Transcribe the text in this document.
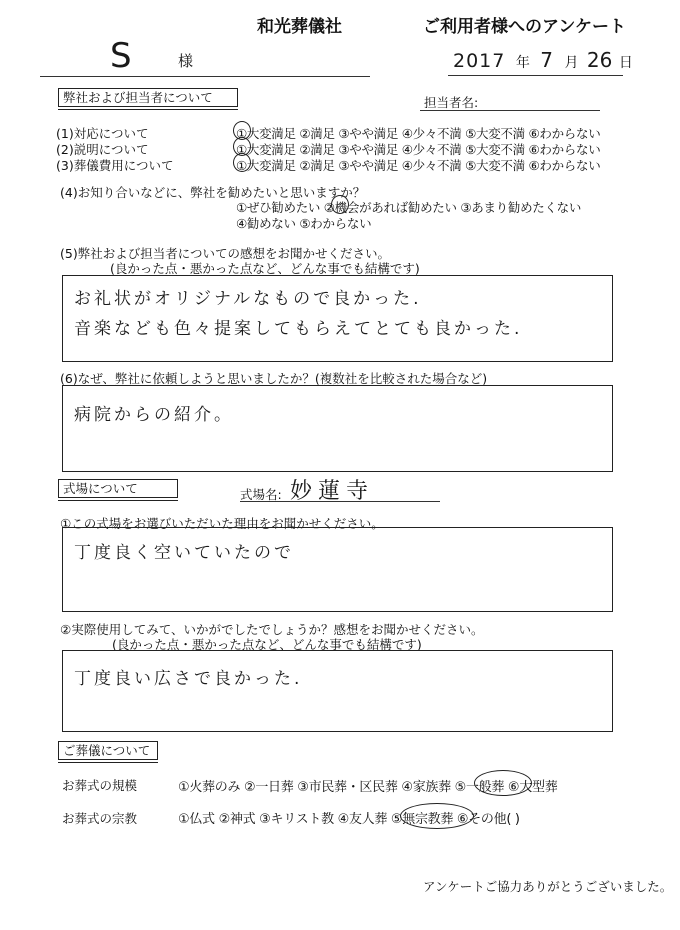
和光葬儀社	ご利用者様へのアンケート
S	様	2017 年 7 月 26 日
弊社および担当者について	担当者名:
(1)対応について	①大変満足 ②満足 ③やや満足 ④少々不満 ⑤大変不満 ⑥わからない
(2)説明について	①大変満足 ②満足 ③やや満足 ④少々不満 ⑤大変不満 ⑥わからない
(3)葬儀費用について	①大変満足 ②満足 ③やや満足 ④少々不満 ⑤大変不満 ⑥わからない
(4)お知り合いなどに、弊社を勧めたいと思いますか？
①ぜひ勧めたい ②機会があれば勧めたい ③あまり勧めたくない
④勧めない ⑤わからない
(5)弊社および担当者についての感想をお聞かせください。
(良かった点・悪かった点など、どんな事でも結構です)
お礼状がオリジナルなもので良かった.
音楽なども色々提案してもらえてとても良かった.
(6)なぜ、弊社に依頼しようと思いましたか？(複数社を比較された場合など)
病院からの紹介。
式場について	式場名: 妙蓮寺
①この式場をお選びいただいた理由をお聞かせください。
丁度良く空いていたので
②実際使用してみて、いかがでしたでしょうか？感想をお聞かせください。
(良かった点・悪かった点など、どんな事でも結構です)
丁度良い広さで良かった.
ご葬儀について
お葬式の規模	①火葬のみ ②一日葬 ③市民葬・区民葬 ④家族葬 ⑤一般葬 ⑥大型葬
お葬式の宗教	①仏式 ②神式 ③キリスト教 ④友人葬 ⑤無宗教葬 ⑥その他( )
アンケートご協力ありがとうございました。
